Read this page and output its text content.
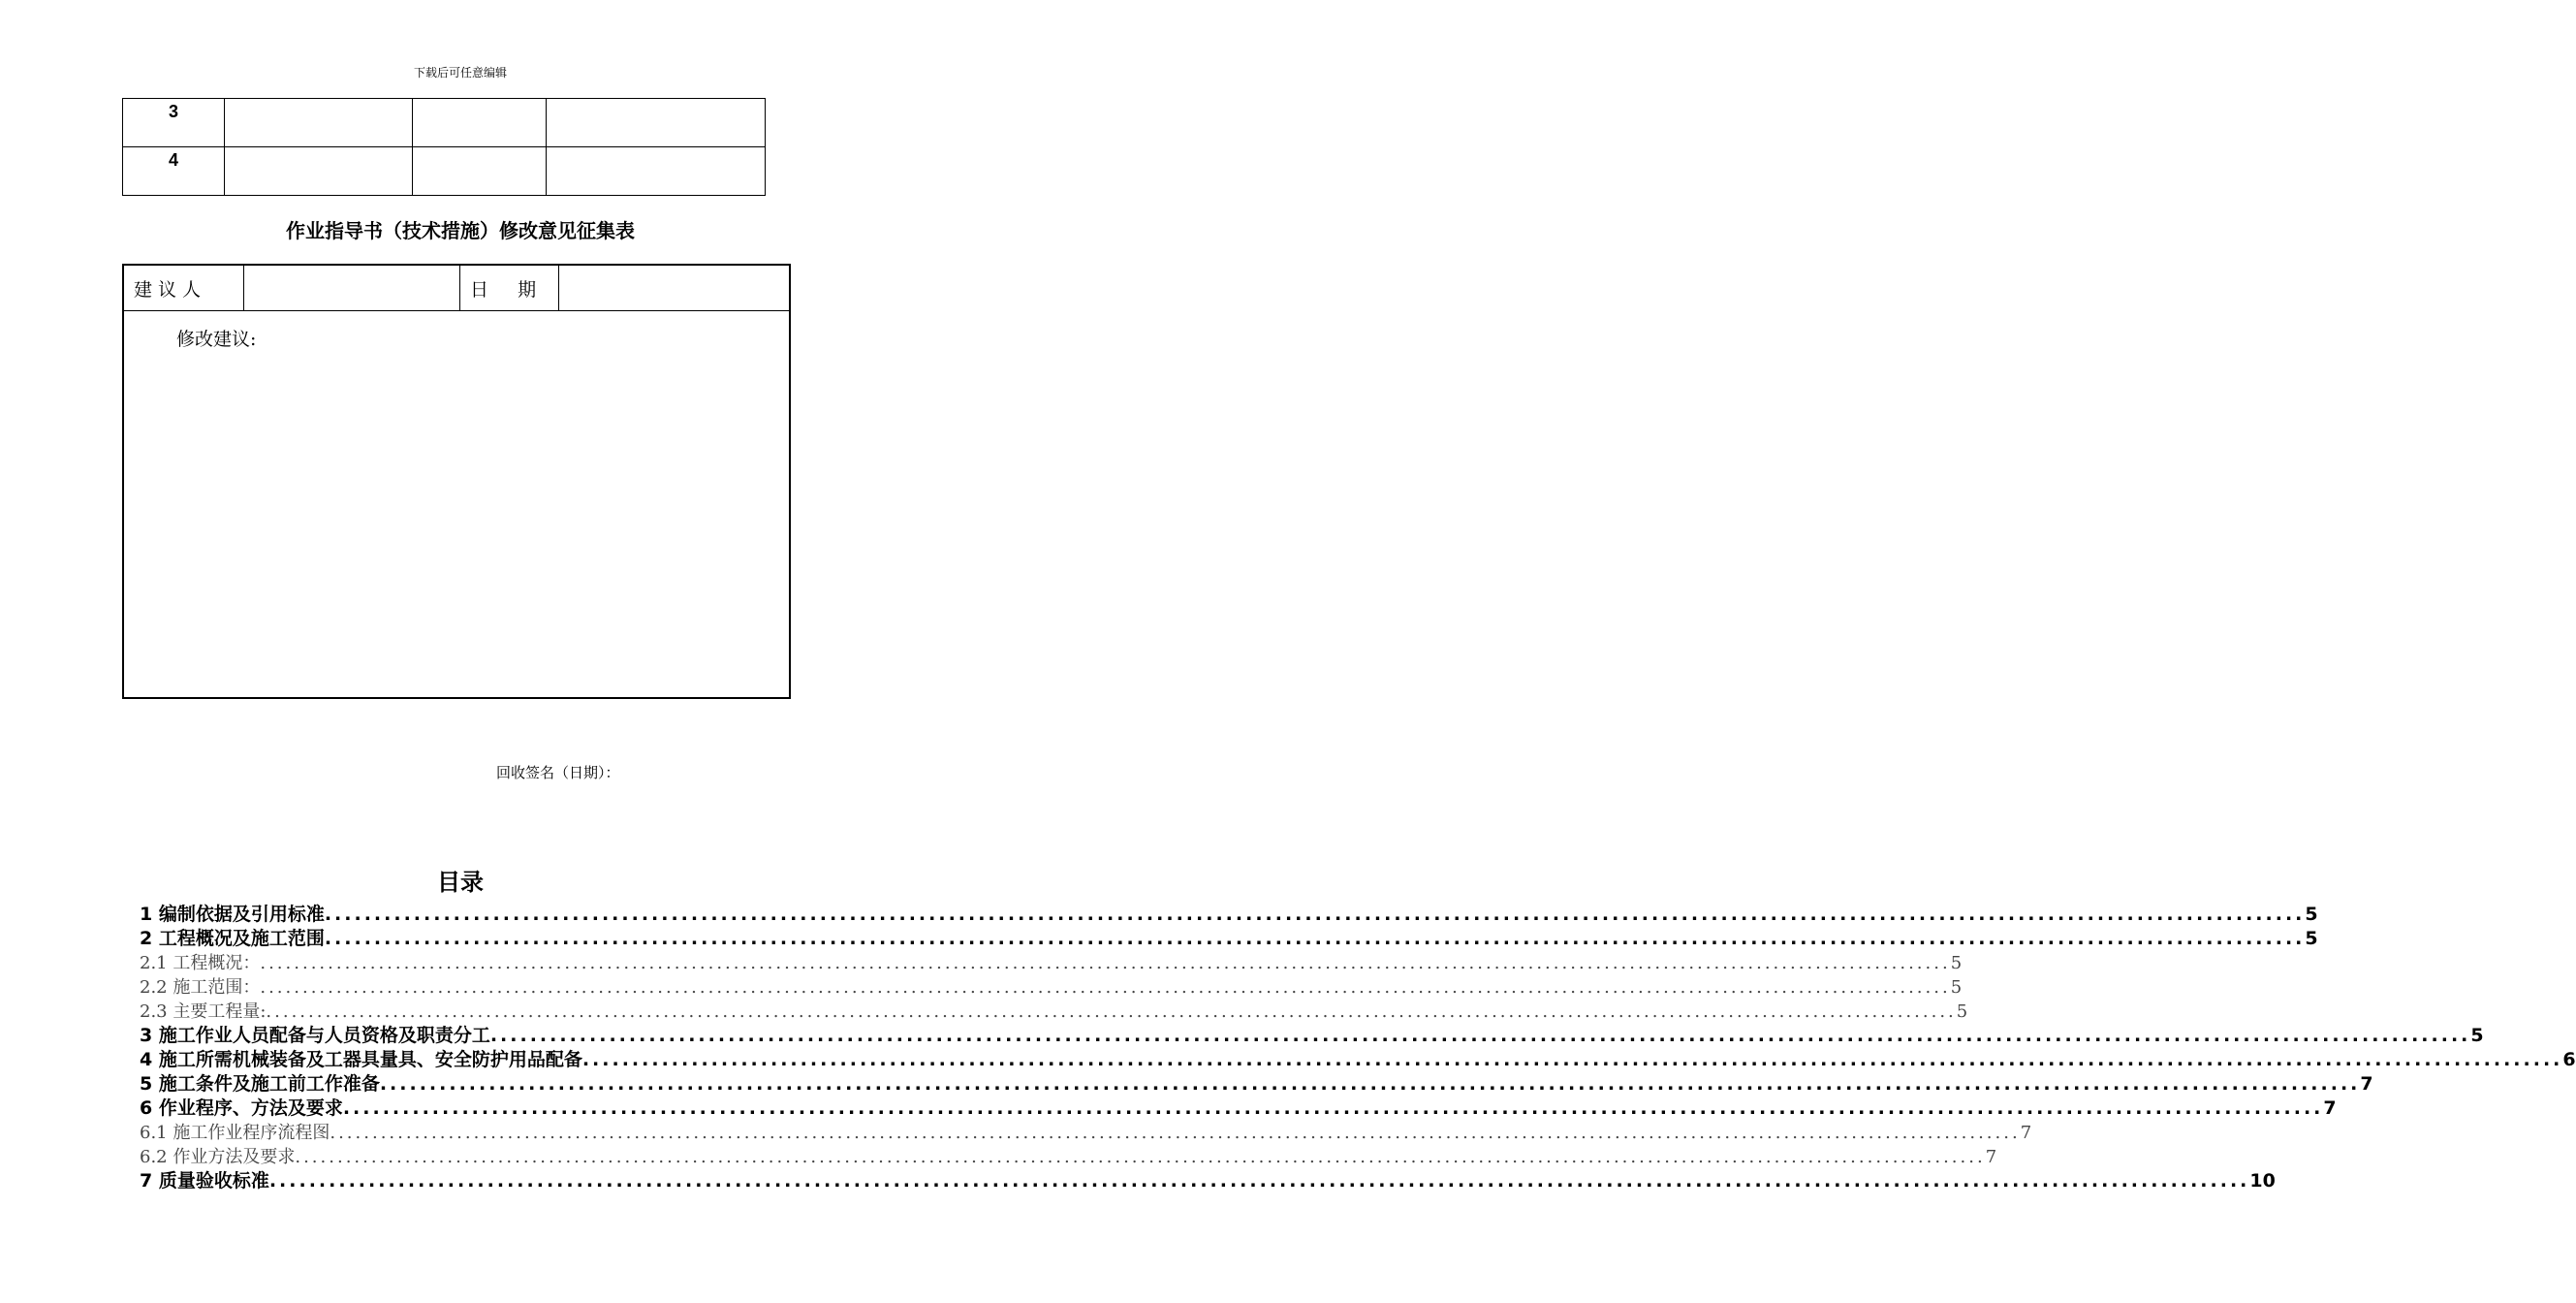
下载后可任意编辑
3			
4			
作业指导书（技术措施）修改意见征集表
建议人		日  期	
修改建议:
回收签名（日期）：
目录
1 编制依据及引用标准 ........................................................................................................................................................................................................ 5
2 工程概况及施工范围 ........................................................................................................................................................................................................ 5
2.1 工程概况： ........................................................................................................................................................................................................ 5
2.2 施工范围： ........................................................................................................................................................................................................ 5
2.3 主要工程量: ........................................................................................................................................................................................................ 5
3 施工作业人员配备与人员资格及职责分工 ........................................................................................................................................................................................................ 5
4 施工所需机械装备及工器具量具、安全防护用品配备 ........................................................................................................................................................................................................ 6
5 施工条件及施工前工作准备 ........................................................................................................................................................................................................ 7
6 作业程序、方法及要求 ........................................................................................................................................................................................................ 7
6.1 施工作业程序流程图 ........................................................................................................................................................................................................ 7
6.2 作业方法及要求 ........................................................................................................................................................................................................ 7
7 质量验收标准 ........................................................................................................................................................................................................ 10
